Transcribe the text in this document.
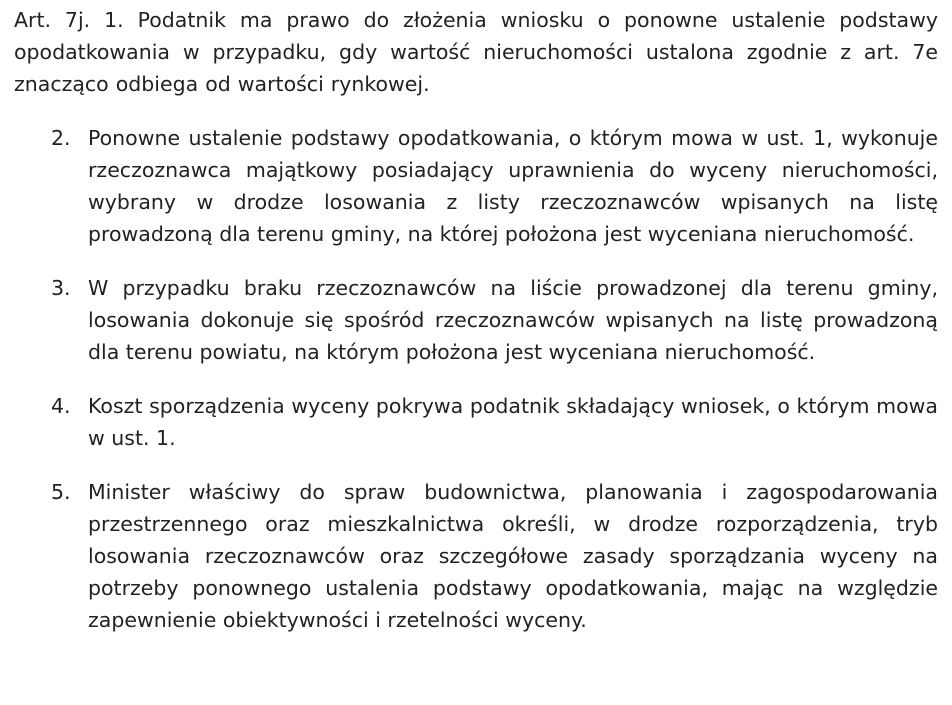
Art. 7j. 1. Podatnik ma prawo do złożenia wniosku o ponowne ustalenie podstawy opodatkowania w przypadku, gdy wartość nieruchomości ustalona zgodnie z art. 7e znacząco odbiega od wartości rynkowej.

2. Ponowne ustalenie podstawy opodatkowania, o którym mowa w ust. 1, wykonuje rzeczoznawca majątkowy posiadający uprawnienia do wyceny nieruchomości, wybrany w drodze losowania z listy rzeczoznawców wpisanych na listę prowadzoną dla terenu gminy, na której położona jest wyceniana nieruchomość.
3. W przypadku braku rzeczoznawców na liście prowadzonej dla terenu gminy, losowania dokonuje się spośród rzeczoznawców wpisanych na listę prowadzoną dla terenu powiatu, na którym położona jest wyceniana nieruchomość.
4. Koszt sporządzenia wyceny pokrywa podatnik składający wniosek, o którym mowa w ust. 1.
5. Minister właściwy do spraw budownictwa, planowania i zagospodarowania przestrzennego oraz mieszkalnictwa określi, w drodze rozporządzenia, tryb losowania rzeczoznawców oraz szczegółowe zasady sporządzania wyceny na potrzeby ponownego ustalenia podstawy opodatkowania, mając na względzie zapewnienie obiektywności i rzetelności wyceny.
